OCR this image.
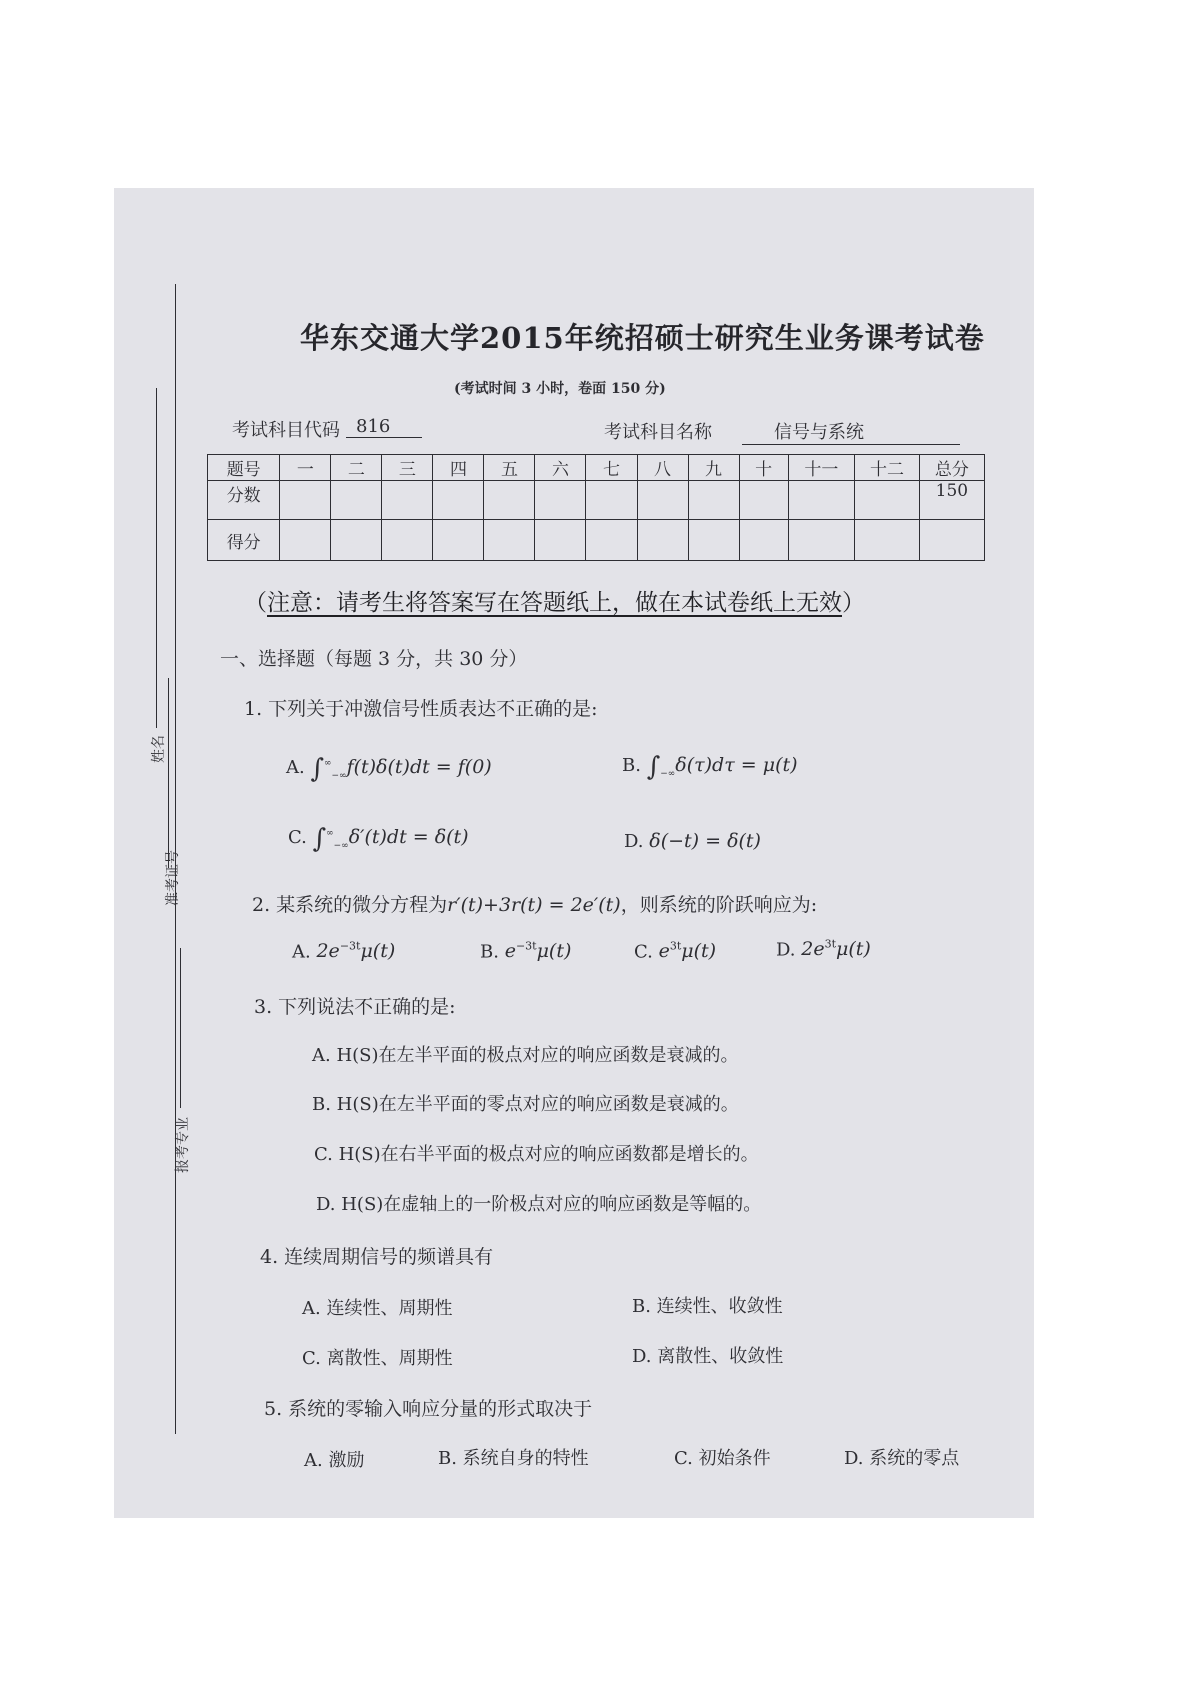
姓名
准考证号
报考专业
华东交通大学2015年统招硕士研究生业务课考试卷
(考试时间 3 小时，卷面 150 分)
考试科目代码 816	考试科目名称	信号与系统
题号	一	二	三	四	五	六	七	八	九	十	十一	十二	总分
分数													150
得分													
（注意：请考生将答案写在答题纸上，做在本试卷纸上无效）
一、选择题（每题 3 分，共 30 分）
1. 下列关于冲激信号性质表达不正确的是:
A. $\int^\infty_{-\infty}f(t)\delta(t)dt = f(0)$	B. $\int_{-\infty}\delta(\tau)d\tau = \mu(t)$
C. $\int^\infty_{-\infty}\delta'(t)dt = \delta(t)$	D. δ(−t) = δ(t)
2. 某系统的微分方程为r′(t)+3r(t) = 2e′(t)，则系统的阶跃响应为:
A. $2e^{-3t}\mu(t)$	B. $e^{-3t}\mu(t)$	C. $e^{3t}\mu(t)$	D. $2e^{3t}\mu(t)$
3. 下列说法不正确的是:
A. H(S)在左半平面的极点对应的响应函数是衰减的。
B. H(S)在左半平面的零点对应的响应函数是衰减的。
C. H(S)在右半平面的极点对应的响应函数都是增长的。
D. H(S)在虚轴上的一阶极点对应的响应函数是等幅的。
4. 连续周期信号的频谱具有
A. 连续性、周期性	B. 连续性、收敛性
C. 离散性、周期性	D. 离散性、收敛性
5. 系统的零输入响应分量的形式取决于
A. 激励	B. 系统自身的特性	C. 初始条件	D. 系统的零点
